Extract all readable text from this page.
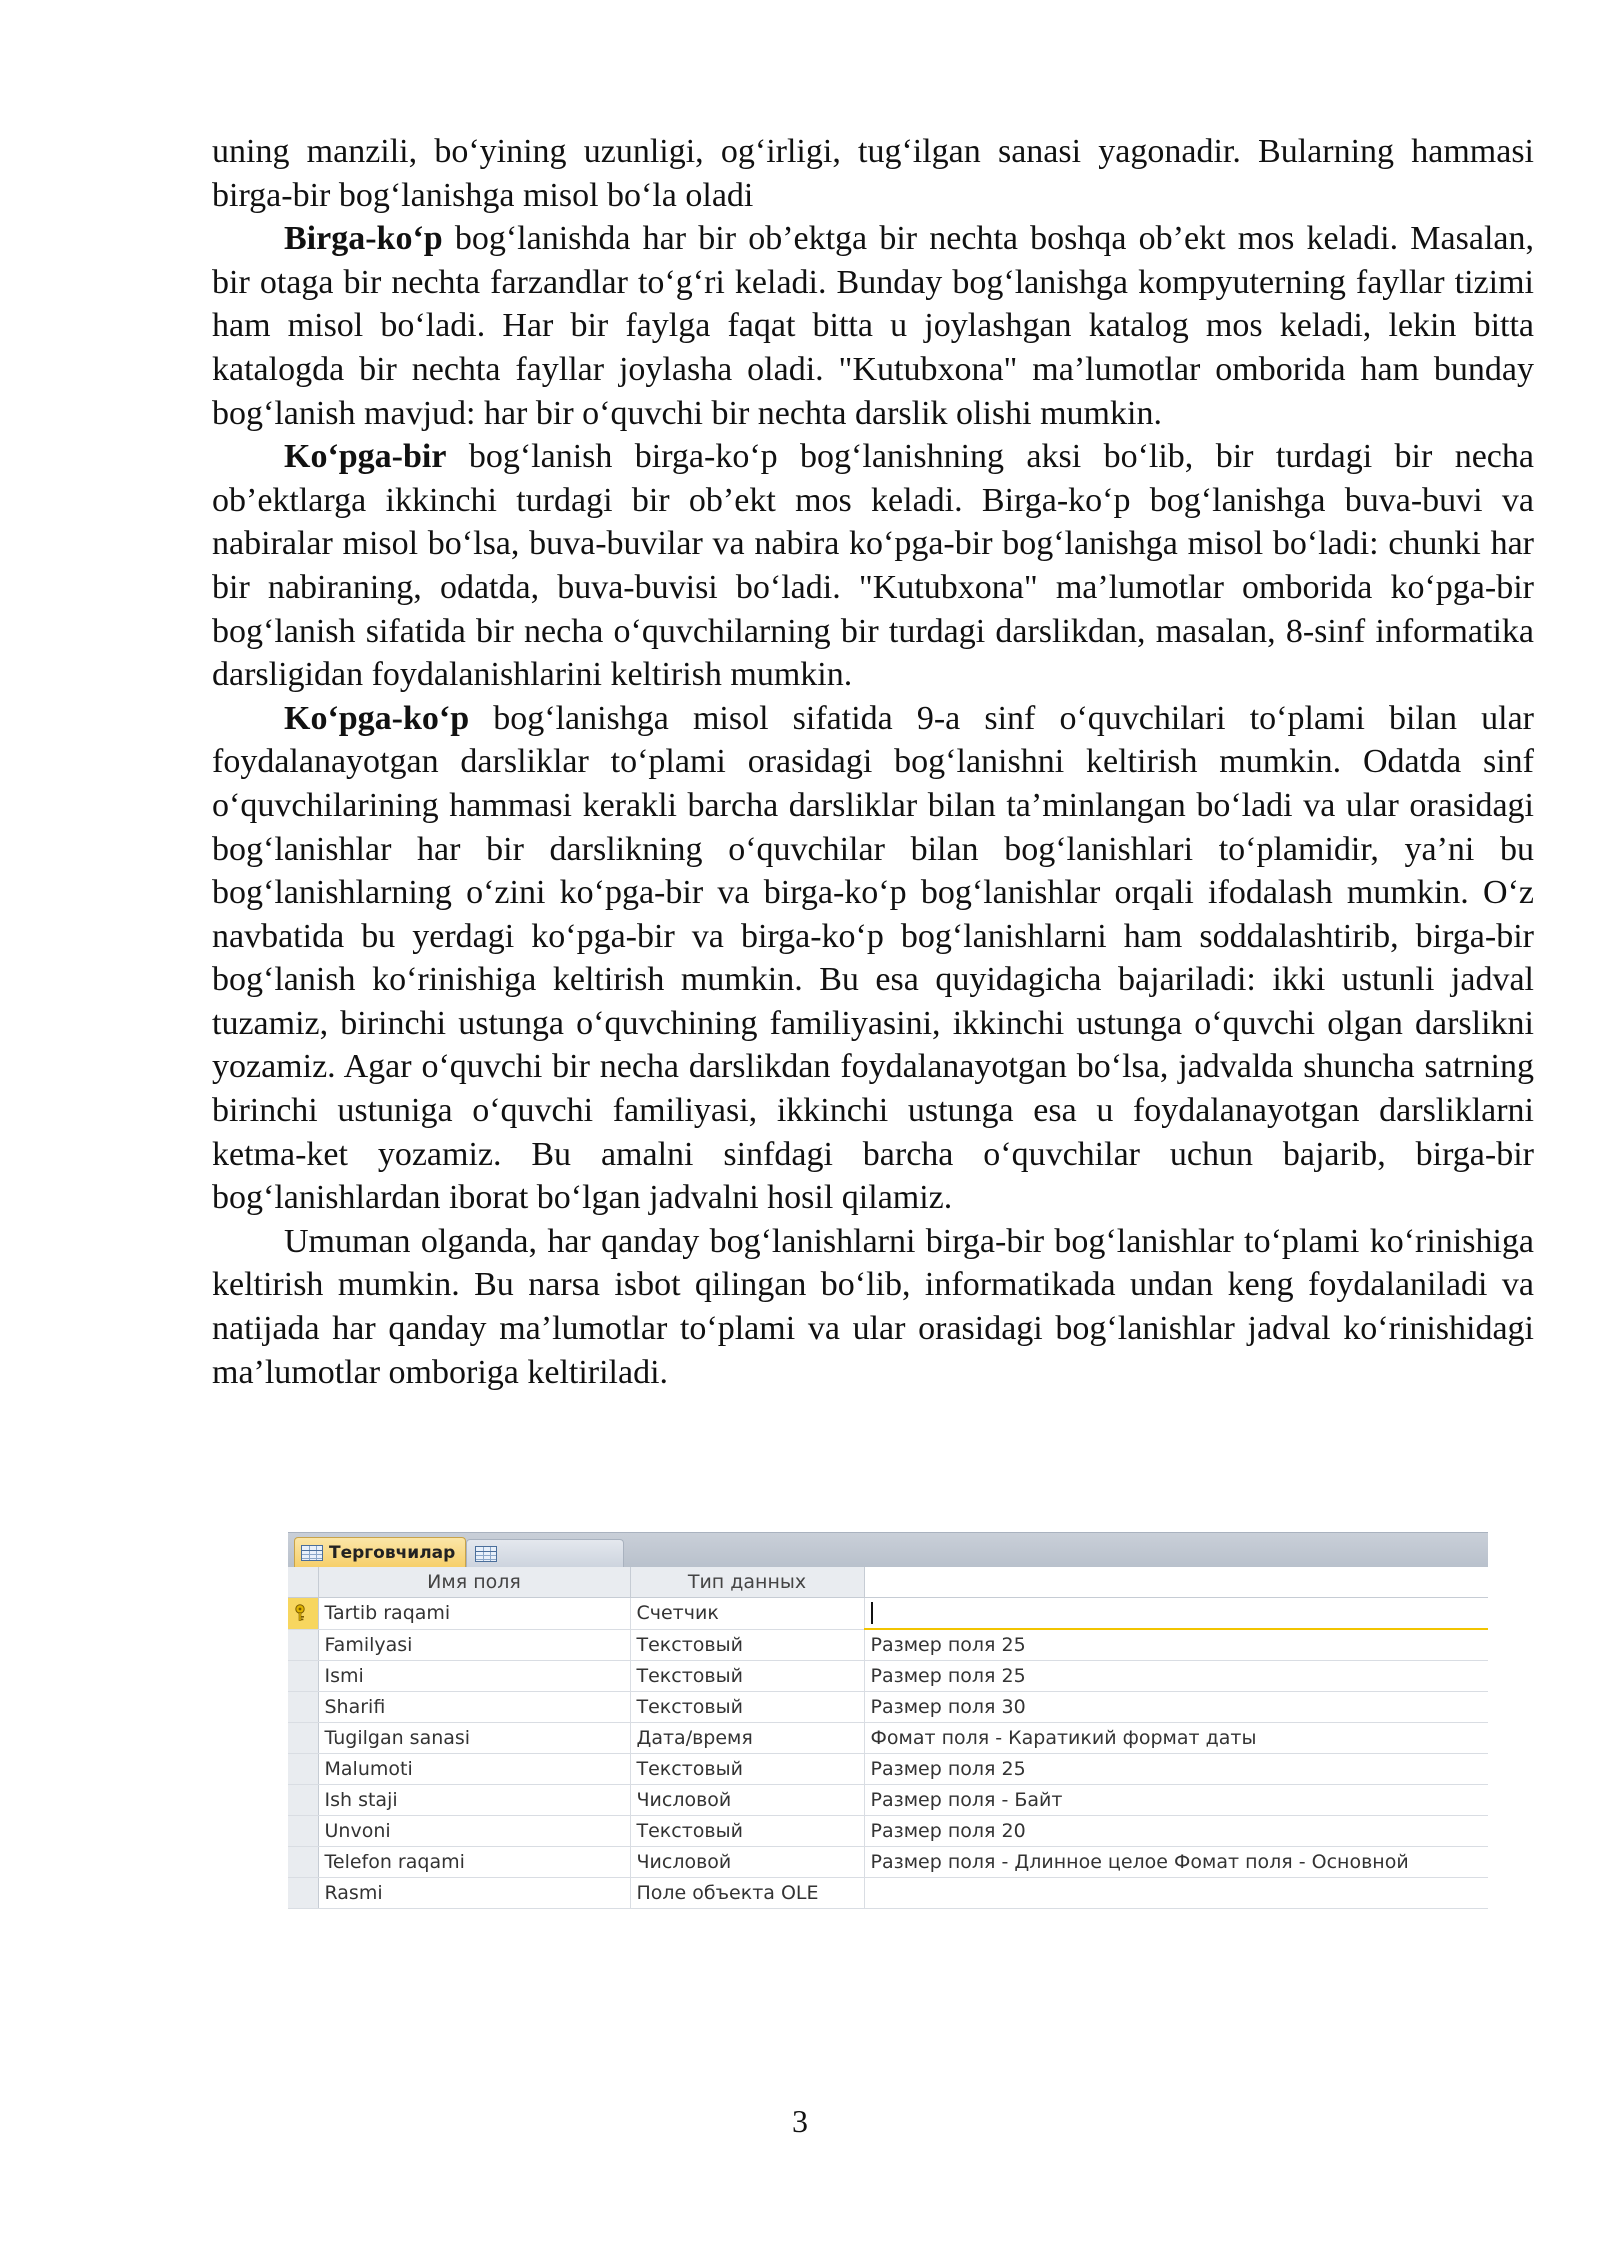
uning manzili, bo‘yining uzunligi, og‘irligi, tug‘ilgan sanasi yagonadir. Bularning hammasi birga-bir bog‘lanishga misol bo‘la oladi

Birga-ko‘p bog‘lanishda har bir ob’ektga bir nechta boshqa ob’ekt mos keladi. Masalan, bir otaga bir nechta farzandlar to‘g‘ri keladi. Bunday bog‘lanishga kompyuterning fayllar tizimi ham misol bo‘ladi. Har bir faylga faqat bitta u joylashgan katalog mos keladi, lekin bitta katalogda bir nechta fayllar joylasha oladi. "Kutubxona" ma’lumotlar omborida ham bunday bog‘lanish mavjud: har bir o‘quvchi bir nechta darslik olishi mumkin.

Ko‘pga-bir bog‘lanish birga-ko‘p bog‘lanishning aksi bo‘lib, bir turdagi bir necha ob’ektlarga ikkinchi turdagi bir ob’ekt mos keladi. Birga-ko‘p bog‘lanishga buva-buvi va nabiralar misol bo‘lsa, buva-buvilar va nabira ko‘pga-bir bog‘lanishga misol bo‘ladi: chunki har bir nabiraning, odatda, buva-buvisi bo‘ladi. "Kutubxona" ma’lumotlar omborida ko‘pga-bir bog‘lanish sifatida bir necha o‘quvchilarning bir turdagi darslikdan, masalan, 8-sinf informatika darsligidan foydalanishlarini keltirish mumkin.

Ko‘pga-ko‘p bog‘lanishga misol sifatida 9-a sinf o‘quvchilari to‘plami bilan ular foydalanayotgan darsliklar to‘plami orasidagi bog‘lanishni keltirish mumkin. Odatda sinf o‘quvchilarining hammasi kerakli barcha darsliklar bilan ta’minlangan bo‘ladi va ular orasidagi bog‘lanishlar har bir darslikning o‘quvchilar bilan bog‘lanishlari to‘plamidir, ya’ni bu bog‘lanishlarning o‘zini ko‘pga-bir va birga-ko‘p bog‘lanishlar orqali ifodalash mumkin. O‘z navbatida bu yerdagi ko‘pga-bir va birga-ko‘p bog‘lanishlarni ham soddalashtirib, birga-bir bog‘lanish ko‘rinishiga keltirish mumkin. Bu esa quyidagicha bajariladi: ikki ustunli jadval tuzamiz, birinchi ustunga o‘quvchining familiyasini, ikkinchi ustunga o‘quvchi olgan darslikni yozamiz. Agar o‘quvchi bir necha darslikdan foydalanayotgan bo‘lsa, jadvalda shuncha satrning birinchi ustuniga o‘quvchi familiyasi, ikkinchi ustunga esa u foydalanayotgan darsliklarni ketma-ket yozamiz. Bu amalni sinfdagi barcha o‘quvchilar uchun bajarib, birga-bir bog‘lanishlardan iborat bo‘lgan jadvalni hosil qilamiz.

Umuman olganda, har qanday bog‘lanishlarni birga-bir bog‘lanishlar to‘plami ko‘rinishiga keltirish mumkin. Bu narsa isbot qilingan bo‘lib, informatikada undan keng foydalaniladi va natijada har qanday ma’lumotlar to‘plami va ular orasidagi bog‘lanishlar jadval ko‘rinishidagi ma’lumotlar omboriga keltiriladi.

Терговчилар
	Имя поля	Тип данных	

	Tartib raqami	Счетчик	
	Familyasi	Текстовый	Размер поля 25
	Ismi	Текстовый	Размер поля 25
	Sharifi	Текстовый	Размер поля 30
	Tugilgan sanasi	Дата/время	Фомат поля - Каратикий формат даты
	Malumoti	Текстовый	Размер поля 25
	Ish staji	Числовой	Размер поля - Байт
	Unvoni	Текстовый	Размер поля 20
	Telefon raqami	Числовой	Размер поля - Длинное целое Фомат поля - Основной
	Rasmi	Поле объекта OLE	
3
